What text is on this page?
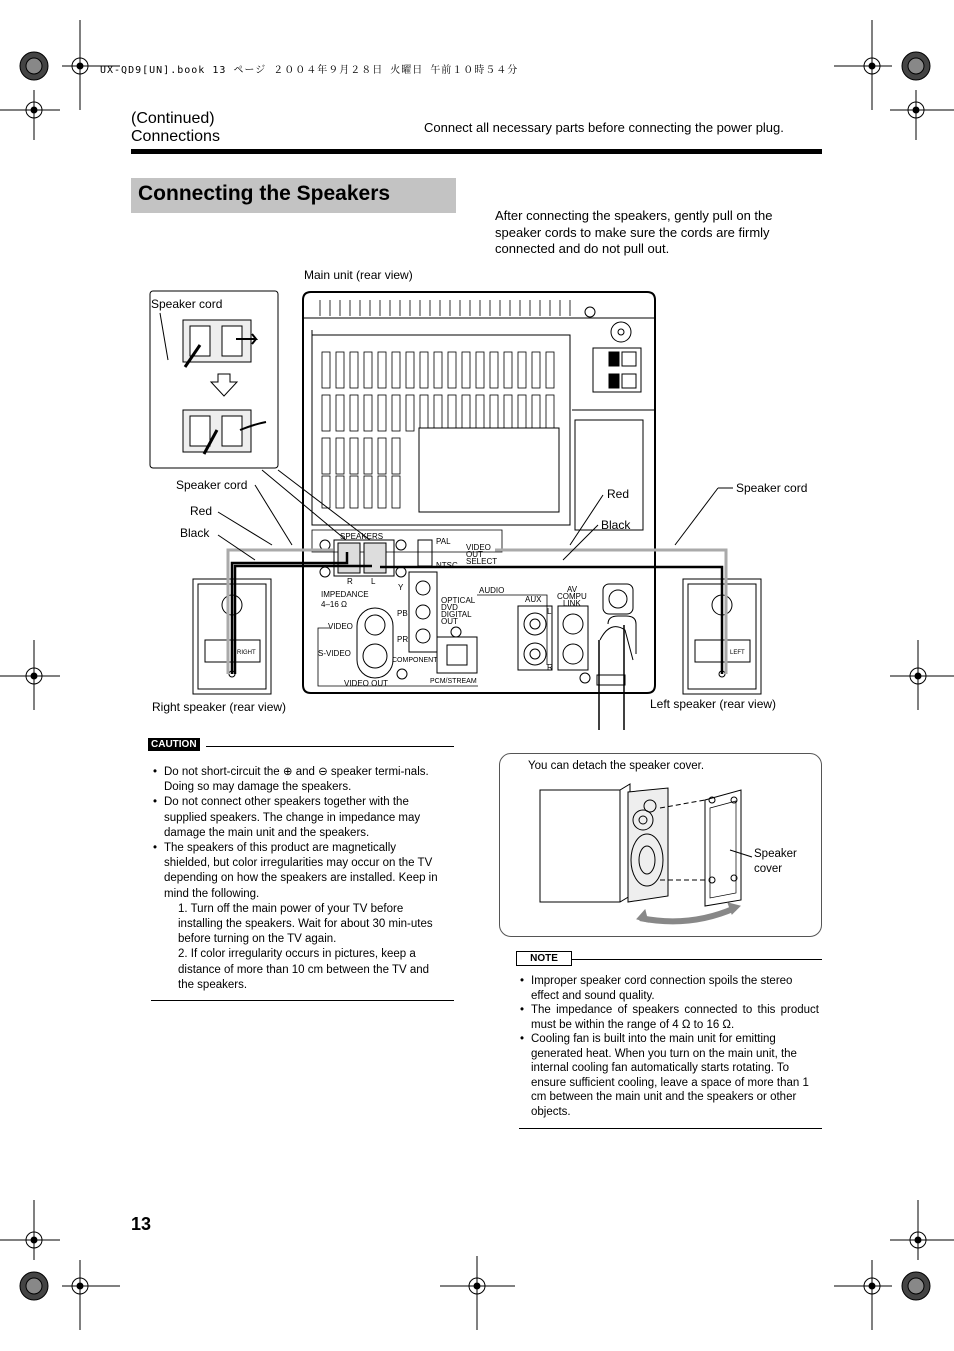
UX-QD9[UN].book 13 ページ ２００４年９月２８日 火曜日 午前１０時５４分
(Continued)
Connections
Connect all necessary parts before connecting the power plug.
Connecting the Speakers
After connecting the speakers, gently pull on the speaker cords to make sure the cords are firmly connected and do not pull out.
SPEAKERS
R L
IMPEDANCE
4–16 Ω
PAL
NTSC
VIDEO
OUT
SELECT
Y
PB
PR
OPTICAL
DVD
DIGITAL
OUT
VIDEO
S-VIDEO
COMPONENT
PCM/STREAM
VIDEO OUT
AUDIO
AUX
L
R
AV
COMPU
LINK
RIGHT	LEFT
Main unit (rear view)
Speaker cord
Speaker cord
Red
Black
Red
Black
Speaker cord
Right speaker (rear view)	Left speaker (rear view)
CAUTION
• Do not short-circuit the ⊕ and ⊖ speaker termi-nals. Doing so may damage the speakers.
• Do not connect other speakers together with the supplied speakers. The change in impedance may damage the main unit and the speakers.
• The speakers of this product are magnetically shielded, but color irregularities may occur on the TV depending on how the speakers are installed. Keep in mind the following.
1. Turn off the main power of your TV before installing the speakers. Wait for about 30 min-utes before turning on the TV again.
2. If color irregularity occurs in pictures, keep a distance of more than 10 cm between the TV and the speakers.
You can detach the speaker cover.
Speaker
cover
NOTE
• Improper speaker cord connection spoils the stereo effect and sound quality.
• The impedance of speakers connected to this product must be within the range of 4 Ω to 16 Ω.
• Cooling fan is built into the main unit for emitting generated heat. When you turn on the main unit, the internal cooling fan automatically starts rotating. To ensure sufficient cooling, leave a space of more than 1 cm between the main unit and the speakers or other objects.
13
